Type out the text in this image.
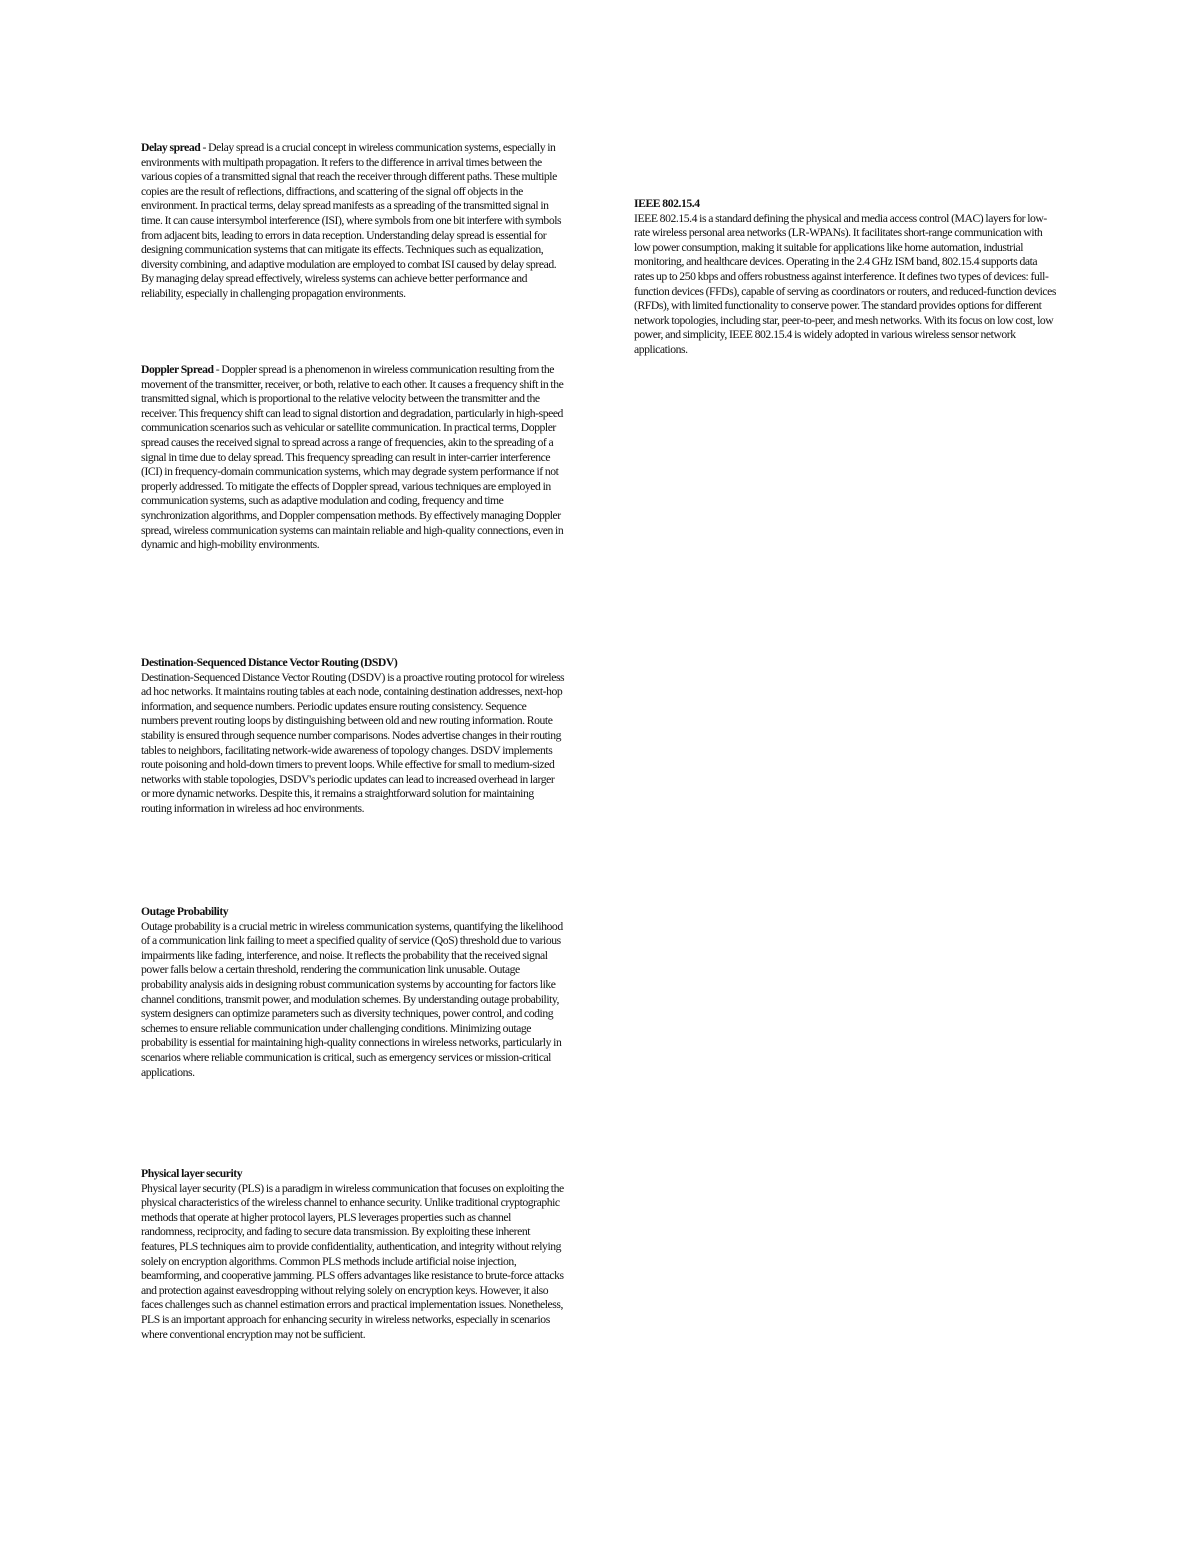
Delay spread - Delay spread is a crucial concept in wireless communication systems, especially in environments with multipath propagation. It refers to the difference in arrival times between the various copies of a transmitted signal that reach the receiver through different paths. These multiple copies are the result of reflections, diffractions, and scattering of the signal off objects in the environment. In practical terms, delay spread manifests as a spreading of the transmitted signal in time. It can cause intersymbol interference (ISI), where symbols from one bit interfere with symbols from adjacent bits, leading to errors in data reception. Understanding delay spread is essential for designing communication systems that can mitigate its effects. Techniques such as equalization, diversity combining, and adaptive modulation are employed to combat ISI caused by delay spread. By managing delay spread effectively, wireless systems can achieve better performance and reliability, especially in challenging propagation environments.

Doppler Spread - Doppler spread is a phenomenon in wireless communication resulting from the movement of the transmitter, receiver, or both, relative to each other. It causes a frequency shift in the transmitted signal, which is proportional to the relative velocity between the transmitter and the receiver. This frequency shift can lead to signal distortion and degradation, particularly in high-speed communication scenarios such as vehicular or satellite communication. In practical terms, Doppler spread causes the received signal to spread across a range of frequencies, akin to the spreading of a signal in time due to delay spread. This frequency spreading can result in inter-carrier interference (ICI) in frequency-domain communication systems, which may degrade system performance if not properly addressed. To mitigate the effects of Doppler spread, various techniques are employed in communication systems, such as adaptive modulation and coding, frequency and time synchronization algorithms, and Doppler compensation methods. By effectively managing Doppler spread, wireless communication systems can maintain reliable and high-quality connections, even in dynamic and high-mobility environments.

Destination-Sequenced Distance Vector Routing (DSDV)

Destination-Sequenced Distance Vector Routing (DSDV) is a proactive routing protocol for wireless ad hoc networks. It maintains routing tables at each node, containing destination addresses, next-hop information, and sequence numbers. Periodic updates ensure routing consistency. Sequence numbers prevent routing loops by distinguishing between old and new routing information. Route stability is ensured through sequence number comparisons. Nodes advertise changes in their routing tables to neighbors, facilitating network-wide awareness of topology changes. DSDV implements route poisoning and hold-down timers to prevent loops. While effective for small to medium-sized networks with stable topologies, DSDV's periodic updates can lead to increased overhead in larger or more dynamic networks. Despite this, it remains a straightforward solution for maintaining routing information in wireless ad hoc environments.

Outage Probability

Outage probability is a crucial metric in wireless communication systems, quantifying the likelihood of a communication link failing to meet a specified quality of service (QoS) threshold due to various impairments like fading, interference, and noise. It reflects the probability that the received signal power falls below a certain threshold, rendering the communication link unusable. Outage probability analysis aids in designing robust communication systems by accounting for factors like channel conditions, transmit power, and modulation schemes. By understanding outage probability, system designers can optimize parameters such as diversity techniques, power control, and coding schemes to ensure reliable communication under challenging conditions. Minimizing outage probability is essential for maintaining high-quality connections in wireless networks, particularly in scenarios where reliable communication is critical, such as emergency services or mission-critical applications.

Physical layer security

Physical layer security (PLS) is a paradigm in wireless communication that focuses on exploiting the physical characteristics of the wireless channel to enhance security. Unlike traditional cryptographic methods that operate at higher protocol layers, PLS leverages properties such as channel randomness, reciprocity, and fading to secure data transmission. By exploiting these inherent features, PLS techniques aim to provide confidentiality, authentication, and integrity without relying solely on encryption algorithms. Common PLS methods include artificial noise injection, beamforming, and cooperative jamming. PLS offers advantages like resistance to brute-force attacks and protection against eavesdropping without relying solely on encryption keys. However, it also faces challenges such as channel estimation errors and practical implementation issues. Nonetheless, PLS is an important approach for enhancing security in wireless networks, especially in scenarios where conventional encryption may not be sufficient.

IEEE 802.15.4

IEEE 802.15.4 is a standard defining the physical and media access control (MAC) layers for low-rate wireless personal area networks (LR-WPANs). It facilitates short-range communication with low power consumption, making it suitable for applications like home automation, industrial monitoring, and healthcare devices. Operating in the 2.4 GHz ISM band, 802.15.4 supports data rates up to 250 kbps and offers robustness against interference. It defines two types of devices: full-function devices (FFDs), capable of serving as coordinators or routers, and reduced-function devices (RFDs), with limited functionality to conserve power. The standard provides options for different network topologies, including star, peer-to-peer, and mesh networks. With its focus on low cost, low power, and simplicity, IEEE 802.15.4 is widely adopted in various wireless sensor network applications.
